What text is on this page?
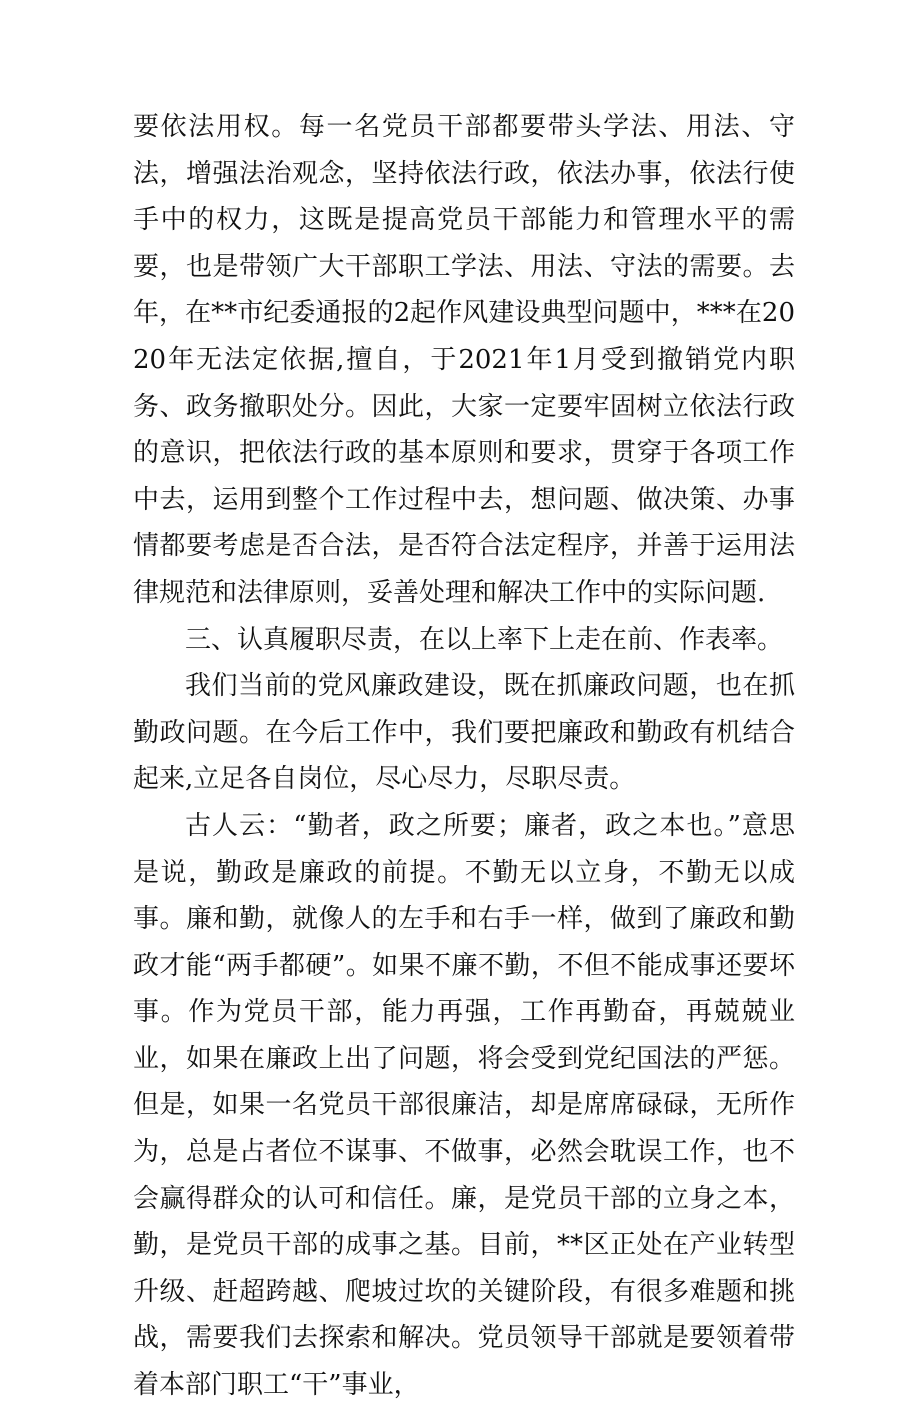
要依法用权。每一名党员干部都要带头学法、用法、守法，增强法治观念，坚持依法行政，依法办事，依法行使手中的权力，这既是提高党员干部能力和管理水平的需要，也是带领广大干部职工学法、用法、守法的需要。去年，在**市纪委通报的2起作风建设典型问题中，***在2020年无法定依据,擅自，于2021年1月受到撤销党内职务、政务撤职处分。因此，大家一定要牢固树立依法行政的意识，把依法行政的基本原则和要求，贯穿于各项工作中去，运用到整个工作过程中去，想问题、做决策、办事情都要考虑是否合法，是否符合法定程序，并善于运用法律规范和法律原则，妥善处理和解决工作中的实际问题.

三、认真履职尽责，在以上率下上走在前、作表率。

我们当前的党风廉政建设，既在抓廉政问题，也在抓勤政问题。在今后工作中，我们要把廉政和勤政有机结合起来,立足各自岗位，尽心尽力，尽职尽责。

古人云：“勤者，政之所要；廉者，政之本也。”意思是说，勤政是廉政的前提。不勤无以立身，不勤无以成事。廉和勤，就像人的左手和右手一样，做到了廉政和勤政才能“两手都硬”。如果不廉不勤，不但不能成事还要坏事。作为党员干部，能力再强，工作再勤奋，再兢兢业业，如果在廉政上出了问题，将会受到党纪国法的严惩。但是，如果一名党员干部很廉洁，却是席席碌碌，无所作为，总是占者位不谋事、不做事，必然会耽误工作，也不会赢得群众的认可和信任。廉，是党员干部的立身之本，勤，是党员干部的成事之基。目前，**区正处在产业转型升级、赶超跨越、爬坡过坎的关键阶段，有很多难题和挑战，需要我们去探索和解决。党员领导干部就是要领着带着本部门职工“干”事业，
